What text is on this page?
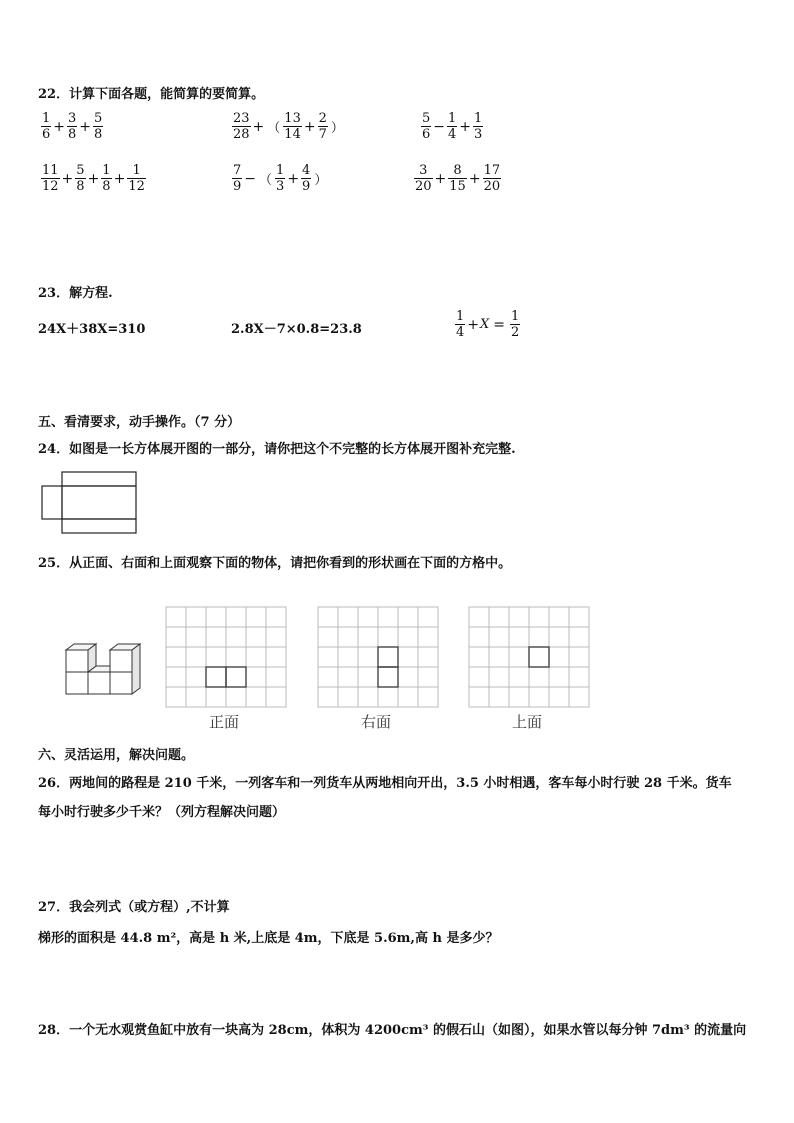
22．计算下面各题，能简算的要简算。
$\frac{1}{6} + \frac{3}{8} + \frac{5}{8}$	$\frac{23}{28}$ + （ $\frac{13}{14} + \frac{2}{7}$ ）	$\frac{5}{6} - \frac{1}{4} + \frac{1}{3}$
$\frac{11}{12} + \frac{5}{8} + \frac{1}{8} + \frac{1}{12}$	$\frac{7}{9}$ − （ $\frac{1}{3} + \frac{4}{9}$ ）	$\frac{3}{20} + \frac{8}{15} + \frac{17}{20}$
23．解方程.
24X＋38X=310	2.8X－7×0.8=23.8	$\frac{1}{4} + X = \frac{1}{2}$
五、看清要求，动手操作。（7 分）
24．如图是一长方体展开图的一部分，请你把这个不完整的长方体展开图补充完整.
25．从正面、右面和上面观察下面的物体，请把你看到的形状画在下面的方格中。
正面	右面	上面
六、灵活运用，解决问题。
26．两地间的路程是 210 千米，一列客车和一列货车从两地相向开出，3.5 小时相遇，客车每小时行驶 28 千米。货车
每小时行驶多少千米？（列方程解决问题）
27．我会列式（或方程）,不计算
梯形的面积是 44.8 m²，高是 h 米,上底是 4m，下底是 5.6m,高 h 是多少？
28．一个无水观赏鱼缸中放有一块高为 28cm，体积为 4200cm³ 的假石山（如图），如果水管以每分钟 7dm³ 的流量向
